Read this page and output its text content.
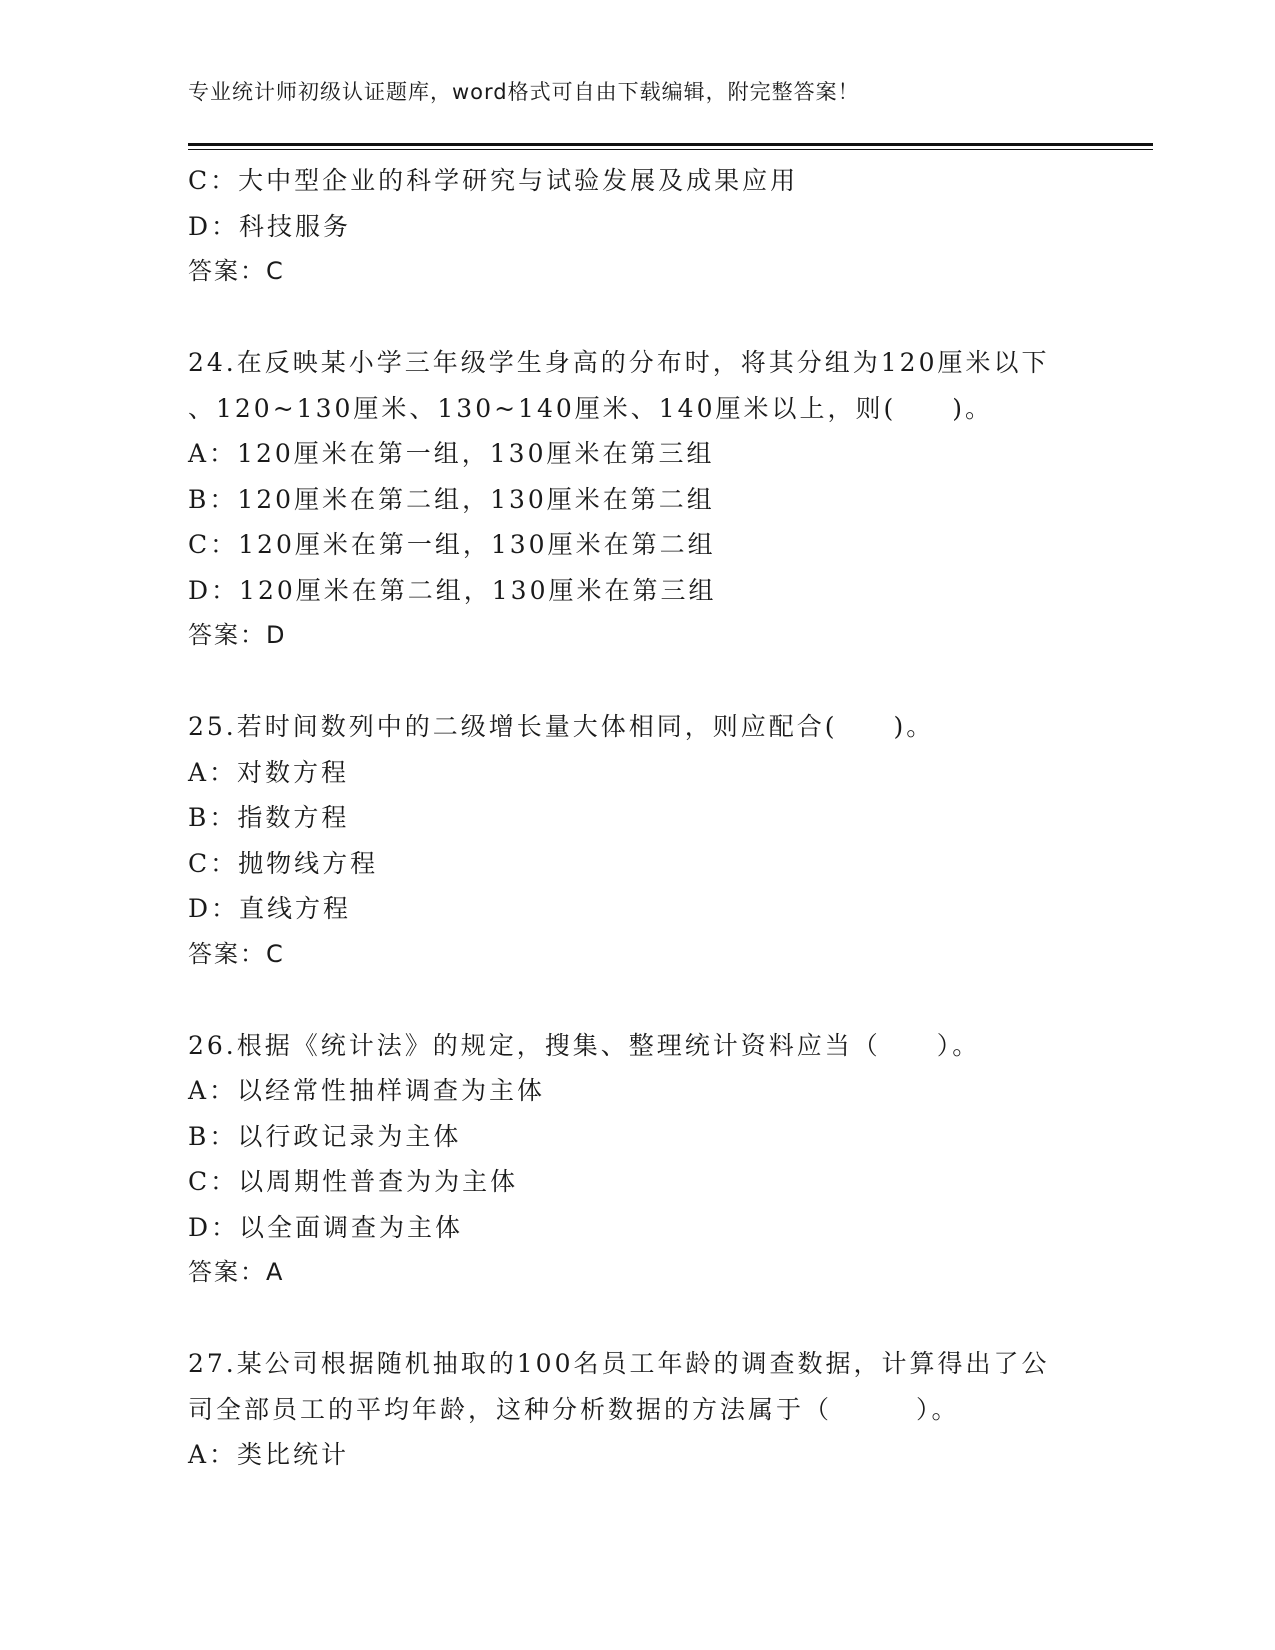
专业统计师初级认证题库，word格式可自由下载编辑，附完整答案！
C：大中型企业的科学研究与试验发展及成果应用
D：科技服务
答案：C
24.在反映某小学三年级学生身高的分布时，将其分组为120厘米以下
、120~130厘米、130~140厘米、140厘米以上，则(　　)。
A：120厘米在第一组，130厘米在第三组
B：120厘米在第二组，130厘米在第二组
C：120厘米在第一组，130厘米在第二组
D：120厘米在第二组，130厘米在第三组
答案：D
25.若时间数列中的二级增长量大体相同，则应配合(　　)。
A：对数方程
B：指数方程
C：抛物线方程
D：直线方程
答案：C
26.根据《统计法》的规定，搜集、整理统计资料应当（　　）。
A：以经常性抽样调查为主体
B：以行政记录为主体
C：以周期性普查为为主体
D：以全面调查为主体
答案：A
27.某公司根据随机抽取的100名员工年龄的调查数据，计算得出了公
司全部员工的平均年龄，这种分析数据的方法属于（　　　）。
A：类比统计
